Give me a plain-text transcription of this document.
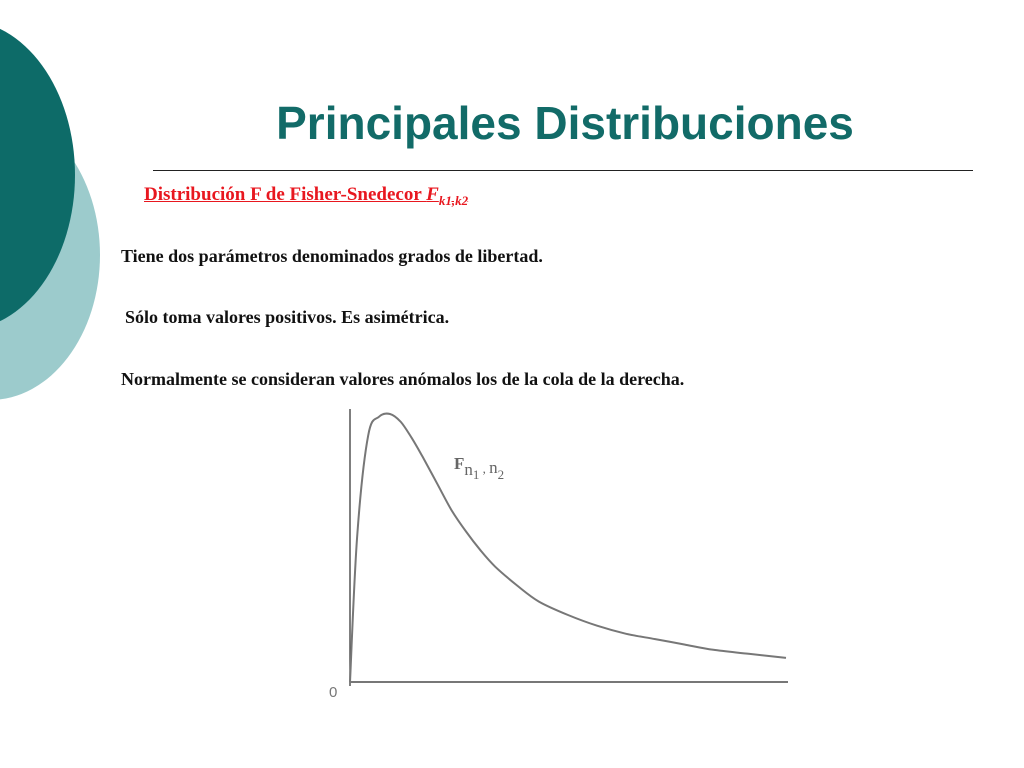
Principales Distribuciones
Distribución F de Fisher-Snedecor $F_{k1,k2}$

Tiene dos parámetros denominados grados de libertad.

Sólo toma valores positivos. Es asimétrica.

Normalmente se consideran valores anómalos los de la cola de la derecha.

0
$Fn_1$ , $n_2$
